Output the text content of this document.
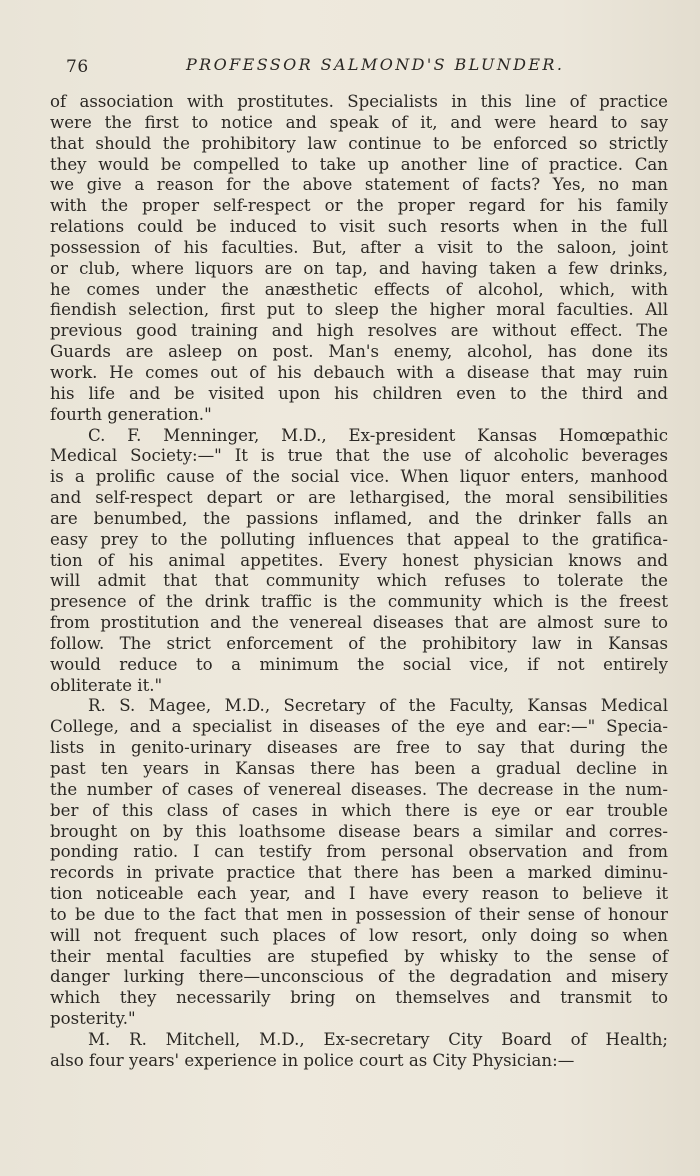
76	PROFESSOR SALMOND'S BLUNDER.
of association with prostitutes. Specialists in this line of practice
were the first to notice and speak of it, and were heard to say
that should the prohibitory law continue to be enforced so strictly
they would be compelled to take up another line of practice. Can
we give a reason for the above statement of facts? Yes, no man
with the proper self-respect or the proper regard for his family
relations could be induced to visit such resorts when in the full
possession of his faculties. But, after a visit to the saloon, joint
or club, where liquors are on tap, and having taken a few drinks,
he comes under the anæsthetic effects of alcohol, which, with
fiendish selection, first put to sleep the higher moral faculties. All
previous good training and high resolves are without effect. The
Guards are asleep on post. Man's enemy, alcohol, has done its
work. He comes out of his debauch with a disease that may ruin
his life and be visited upon his children even to the third and
fourth generation."
C. F. Menninger, M.D., Ex-president Kansas Homœpathic
Medical Society:—" It is true that the use of alcoholic beverages
is a prolific cause of the social vice. When liquor enters, manhood
and self-respect depart or are lethargised, the moral sensibilities
are benumbed, the passions inflamed, and the drinker falls an
easy prey to the polluting influences that appeal to the gratifica-
tion of his animal appetites. Every honest physician knows and
will admit that that community which refuses to tolerate the
presence of the drink traffic is the community which is the freest
from prostitution and the venereal diseases that are almost sure to
follow. The strict enforcement of the prohibitory law in Kansas
would reduce to a minimum the social vice, if not entirely
obliterate it."
R. S. Magee, M.D., Secretary of the Faculty, Kansas Medical
College, and a specialist in diseases of the eye and ear:—" Specia-
lists in genito-urinary diseases are free to say that during the
past ten years in Kansas there has been a gradual decline in
the number of cases of venereal diseases. The decrease in the num-
ber of this class of cases in which there is eye or ear trouble
brought on by this loathsome disease bears a similar and corres-
ponding ratio. I can testify from personal observation and from
records in private practice that there has been a marked diminu-
tion noticeable each year, and I have every reason to believe it
to be due to the fact that men in possession of their sense of honour
will not frequent such places of low resort, only doing so when
their mental faculties are stupefied by whisky to the sense of
danger lurking there—unconscious of the degradation and misery
which they necessarily bring on themselves and transmit to
posterity."
M. R. Mitchell, M.D., Ex-secretary City Board of Health;
also four years' experience in police court as City Physician:—
